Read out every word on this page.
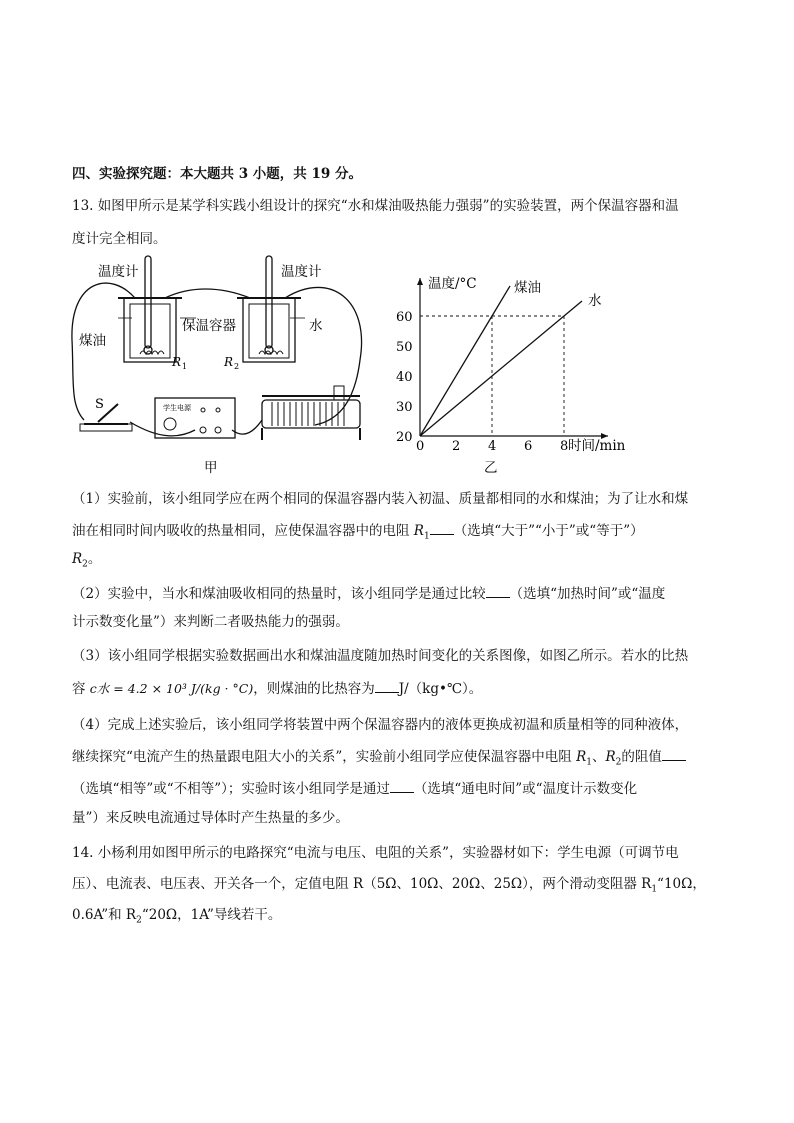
四、实验探究题：本大题共 3 小题，共 19 分。
13. 如图甲所示是某学科实践小组设计的探究“水和煤油吸热能力强弱”的实验装置，两个保温容器和温
度计完全相同。
温度计	温度计
煤油
保温容器	水
R 1	R 2
S	学生电源
甲
0 2 4 6 8
20
30
40
50
60
温度/°C
时间/min
煤油
水
乙
（1）实验前，该小组同学应在两个相同的保温容器内装入初温、质量都相同的水和煤油；为了让水和煤
油在相同时间内吸收的热量相同，应使保温容器中的电阻 $R_1$ （选填“大于”“小于”或“等于”）
$R_2$。
（2）实验中，当水和煤油吸收相同的热量时，该小组同学是通过比较 （选填“加热时间”或“温度
计示数变化量”）来判断二者吸热能力的强弱。
（3）该小组同学根据实验数据画出水和煤油温度随加热时间变化的关系图像，如图乙所示。若水的比热
容 c水 = 4.2 × 10³ J/(kg · °C)，则煤油的比热容为 J/（kg•℃）。
（4）完成上述实验后，该小组同学将装置中两个保温容器内的液体更换成初温和质量相等的同种液体，
继续探究“电流产生的热量跟电阻大小的关系”，实验前小组同学应使保温容器中电阻 $R_1$、$R_2$的阻值
（选填“相等”或“不相等”）；实验时该小组同学是通过 （选填“通电时间”或“温度计示数变化
量”）来反映电流通过导体时产生热量的多少。
14. 小杨利用如图甲所示的电路探究“电流与电压、电阻的关系”，实验器材如下：学生电源（可调节电
压）、电流表、电压表、开关各一个，定值电阻 R（5Ω、10Ω、20Ω、25Ω），两个滑动变阻器 $R_1“10\Omega$，
0.6A”和 $R_2“20\Omega$，1A”导线若干。
